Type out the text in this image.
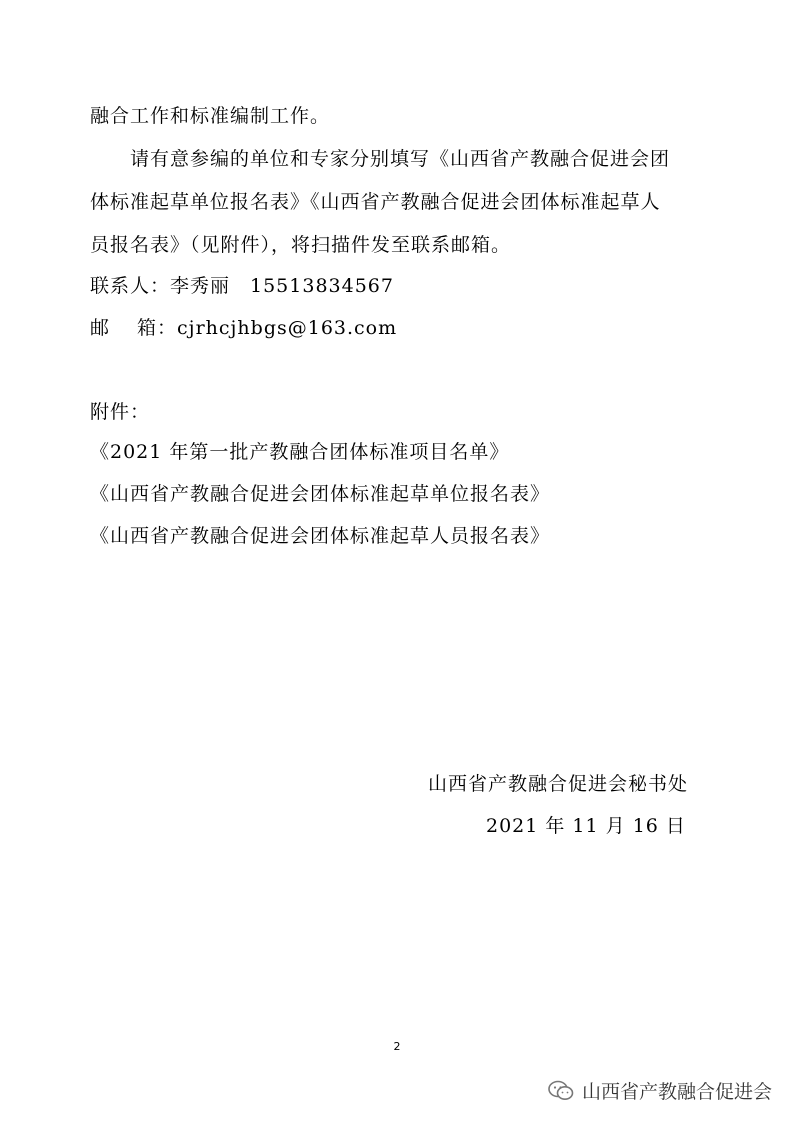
融合工作和标准编制工作。
请有意参编的单位和专家分别填写《山西省产教融合促进会团
体标准起草单位报名表》《山西省产教融合促进会团体标准起草人
员报名表》（见附件），将扫描件发至联系邮箱。
联系人：李秀丽　15513834567
邮　 箱：cjrhcjhbgs@163.com
附件：
《2021 年第一批产教融合团体标准项目名单》
《山西省产教融合促进会团体标准起草单位报名表》
《山西省产教融合促进会团体标准起草人员报名表》
山西省产教融合促进会秘书处
2021 年 11 月 16 日
2
山西省产教融合促进会
